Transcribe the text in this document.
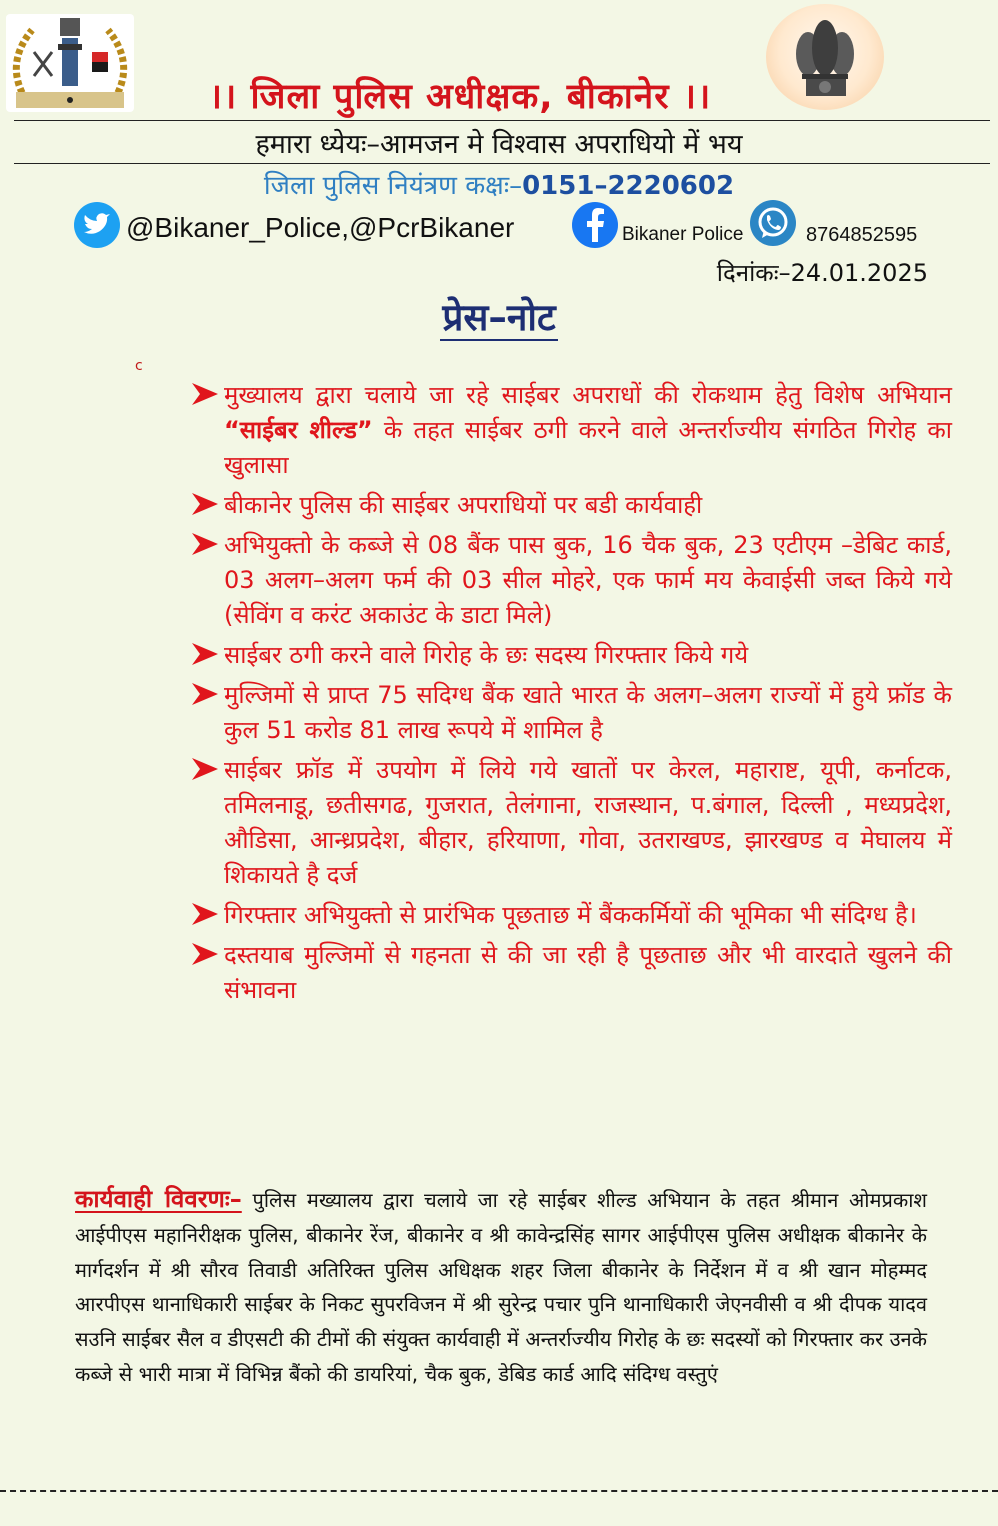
।। जिला पुलिस अधीक्षक, बीकानेर ।।
हमारा ध्येयः–आमजन मे विश्वास अपराधियो में भय
जिला पुलिस नियंत्रण कक्षः–0151–2220602
@Bikaner_Police,@PcrBikaner	Bikaner Police	8764852595
दिनांकः–24.01.2025
प्रेस–नोट
c
मुख्यालय द्वारा चलाये जा रहे साईबर अपराधों की रोकथाम हेतु विशेष अभियान “साईबर शील्ड” के तहत साईबर ठगी करने वाले अन्तर्राज्यीय संगठित गिरोह का खुलासा
बीकानेर पुलिस की साईबर अपराधियों पर बडी कार्यवाही
अभियुक्तो के कब्जे से 08 बैंक पास बुक, 16 चैक बुक, 23 एटीएम –डेबिट कार्ड, 03 अलग–अलग फर्म की 03 सील मोहरे, एक फार्म मय केवाईसी जब्त किये गये (सेविंग व करंट अकाउंट के डाटा मिले)
साईबर ठगी करने वाले गिरोह के छः सदस्य गिरफ्तार किये गये
मुल्जिमों से प्राप्त 75 सदिग्ध बैंक खाते भारत के अलग–अलग राज्यों में हुये फ्रॉड के कुल 51 करोड 81 लाख रूपये में शामिल है
साईबर फ्रॉड में उपयोग में लिये गये खातों पर केरल, महाराष्ट, यूपी, कर्नाटक, तमिलनाडू, छतीसगढ, गुजरात, तेलंगाना, राजस्थान, प.बंगाल, दिल्ली , मध्यप्रदेश, औडिसा, आन्ध्रप्रदेश, बीहार, हरियाणा, गोवा, उतराखण्ड, झारखण्ड व मेघालय में शिकायते है दर्ज
गिरफ्तार अभियुक्तो से प्रारंभिक पूछताछ में बैंककर्मियों की भूमिका भी संदिग्ध है।
दस्तयाब मुल्जिमों से गहनता से की जा रही है पूछताछ और भी वारदाते खुलने की संभावना
कार्यवाही विवरणः– पुलिस मख्यालय द्वारा चलाये जा रहे साईबर शील्ड अभियान के तहत श्रीमान ओमप्रकाश आईपीएस महानिरीक्षक पुलिस, बीकानेर रेंज, बीकानेर व श्री कावेन्द्रसिंह सागर आईपीएस पुलिस अधीक्षक बीकानेर के मार्गदर्शन में श्री सौरव तिवाडी अतिरिक्त पुलिस अधिक्षक शहर जिला बीकानेर के निर्देशन में व श्री खान मोहम्मद आरपीएस थानाधिकारी साईबर के निकट सुपरविजन में श्री सुरेन्द्र पचार पुनि थानाधिकारी जेएनवीसी व श्री दीपक यादव सउनि साईबर सैल व डीएसटी की टीमों की संयुक्त कार्यवाही में अन्तर्राज्यीय गिरोह के छः सदस्यों को गिरफ्तार कर उनके कब्जे से भारी मात्रा में विभिन्न बैंको की डायरियां, चैक बुक, डेबिड कार्ड आदि संदिग्ध वस्तुएं
